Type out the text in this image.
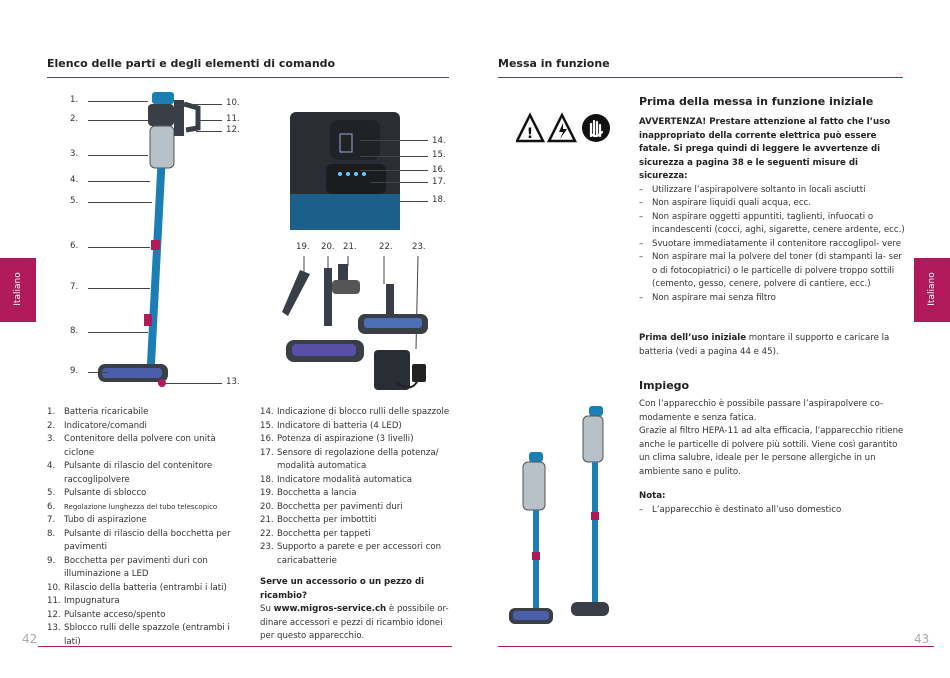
Elenco delle parti e degli elementi di comando
Italiano
1.
2.
3.
4.
5.
6.
7.
8.
9.
10.
11.
12.
13.
14.
15.
16.
17.
18.
19. 20. 21.	22. 23.
1.	Batteria ricaricabile
2.	Indicatore/comandi
3.	Contenitore della polvere con unità ciclone
4.	Pulsante di rilascio del contenitore raccoglipolvere
5.	Pulsante di sblocco
6.	Regolazione lunghezza del tubo telescopico
7.	Tubo di aspirazione
8.	Pulsante di rilascio della bocchetta per pavimenti
9.	Bocchetta per pavimenti duri con illuminazione a LED
10. Rilascio della batteria (entrambi i lati)
11. Impugnatura
12. Pulsante acceso/spento
13. Sblocco rulli delle spazzole (entrambi i lati)
14. Indicazione di blocco rulli delle spazzole
15. Indicatore di batteria (4 LED)
16. Potenza di aspirazione (3 livelli)
17. Sensore di regolazione della potenza/ modalità automatica
18. Indicatore modalità automatica
19. Bocchetta a lancia
20. Bocchetta per pavimenti duri
21. Bocchetta per imbottiti
22. Bocchetta per tappeti
23. Supporto a parete e per accessori con caricabatterie
Serve un accessorio o un pezzo di ricambio?
Su www.migros-service.ch è possibile or- dinare accessori e pezzi di ricambio idonei per questo apparecchio.
42
Messa in funzione
Italiano
!
Prima della messa in funzione iniziale
AVVERTENZA! Prestare attenzione al fatto che l’uso inappropriato della corrente elettrica può essere fatale. Si prega quindi di leggere le avvertenze di sicurezza a pagina 38 e le seguenti misure di sicurezza:
–	Utilizzare l’aspirapolvere soltanto in locali asciutti
–	Non aspirare liquidi quali acqua, ecc.
–	Non aspirare oggetti appuntiti, taglienti, infuocati o incandescenti (cocci, aghi, sigarette, cenere ardente, ecc.)
–	Svuotare immediatamente il contenitore raccoglipol- vere
–	Non aspirare mai la polvere del toner (di stampanti la- ser o di fotocopiatrici) o le particelle di polvere troppo sottili (cemento, gesso, cenere, polvere di cantiere, ecc.)
–	Non aspirare mai senza filtro
Prima dell’uso iniziale montare il supporto e caricare la batteria (vedi a pagina 44 e 45).
Impiego
Con l’apparecchio è possibile passare l’aspirapolvere co- modamente e senza fatica.
Grazie al filtro HEPA-11 ad alta efficacia, l’apparecchio ritiene anche le particelle di polvere più sottili. Viene così garantito un clima salubre, ideale per le persone allergiche in un ambiente sano e pulito.
Nota:
–	L’apparecchio è destinato all’uso domestico
43
